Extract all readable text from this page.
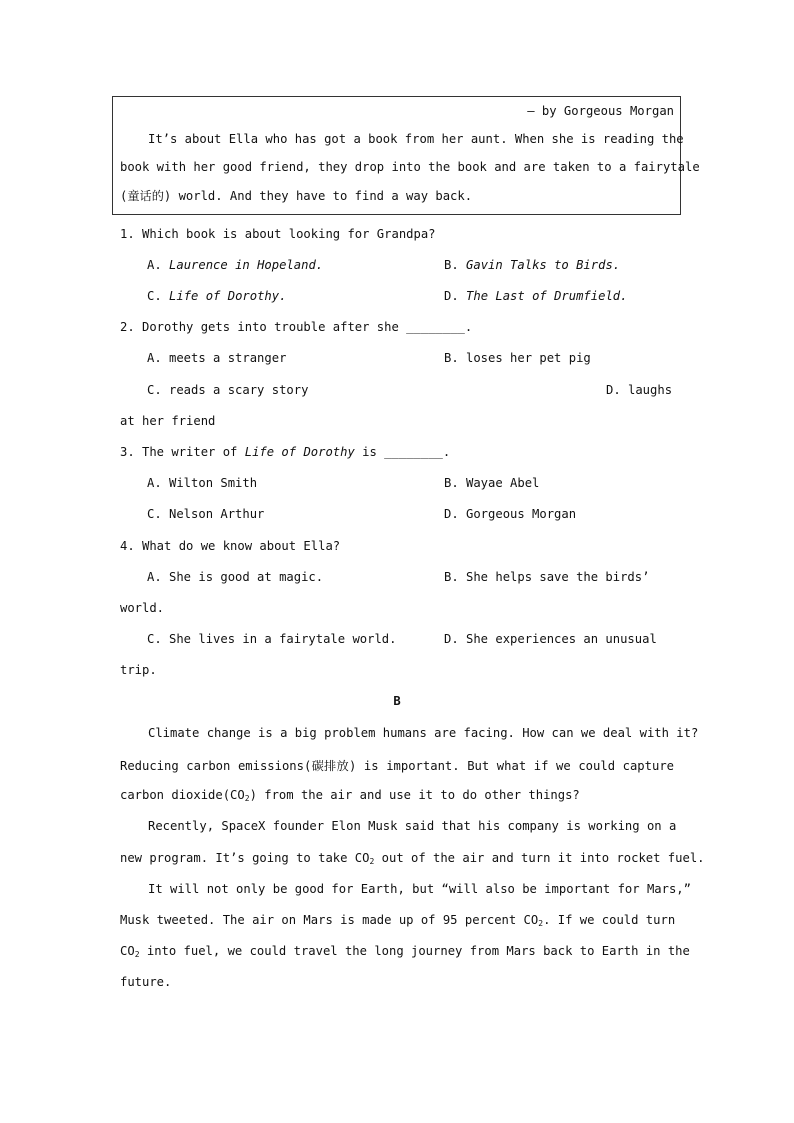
— by Gorgeous Morgan
It’s about Ella who has got a book from her aunt. When she is reading the
book with her good friend, they drop into the book and are taken to a fairytale
(童话的) world. And they have to find a way back.
1. Which book is about looking for Grandpa?
A. Laurence in Hopeland.	B. Gavin Talks to Birds.
C. Life of Dorothy.	D. The Last of Drumfield.
2. Dorothy gets into trouble after she ________.
A. meets a stranger	B. loses her pet pig
C. reads a scary story	D. laughs
at her friend
3. The writer of Life of Dorothy is ________.
A. Wilton Smith	B. Wayae Abel
C. Nelson Arthur	D. Gorgeous Morgan
4. What do we know about Ella?
A. She is good at magic.	B. She helps save the birds’
world.
C. She lives in a fairytale world.	D. She experiences an unusual
trip.
B
Climate change is a big problem humans are facing. How can we deal with it?
Reducing carbon emissions(碳排放) is important. But what if we could capture
carbon $dioxide(CO_2)$ from the air and use it to do other things?
Recently, SpaceX founder Elon Musk said that his company is working on a
new program. It’s going to take $CO_2$ out of the air and turn it into rocket fuel.
It will not only be good for Earth, but “will also be important for Mars,”
Musk tweeted. The air on Mars is made up of 95 percent $CO_2$. If we could turn
$CO_2$ into fuel, we could travel the long journey from Mars back to Earth in the
future.
